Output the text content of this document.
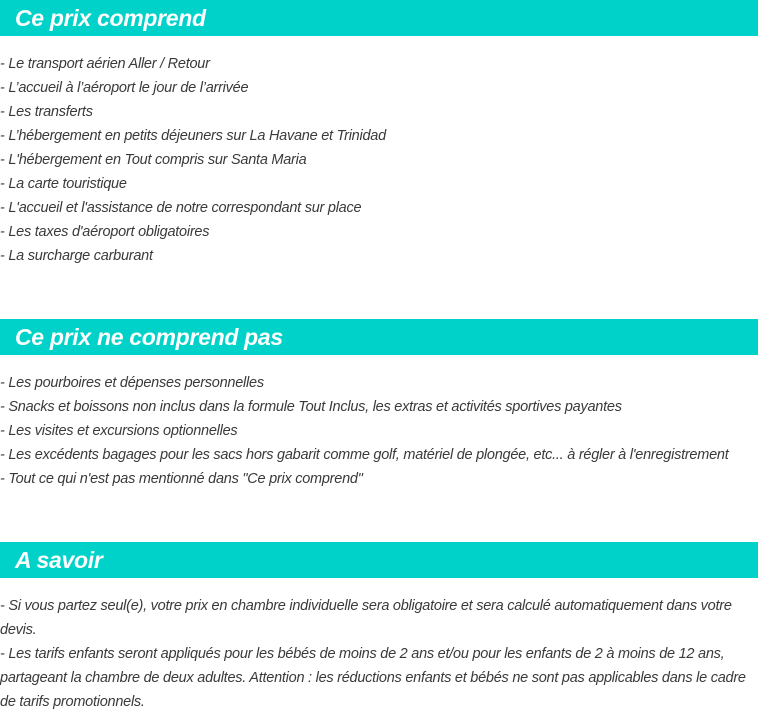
Ce prix comprend
- Le transport aérien Aller / Retour
- L’accueil à l’aéroport le jour de l’arrivée
- Les transferts
- L’hébergement en petits déjeuners sur La Havane et Trinidad
- L'hébergement en Tout compris sur Santa Maria
- La carte touristique
- L'accueil et l'assistance de notre correspondant sur place
- Les taxes d'aéroport obligatoires
- La surcharge carburant
Ce prix ne comprend pas
- Les pourboires et dépenses personnelles
- Snacks et boissons non inclus dans la formule Tout Inclus, les extras et activités sportives payantes
- Les visites et excursions optionnelles
- Les excédents bagages pour les sacs hors gabarit comme golf, matériel de plongée, etc... à régler à l'enregistrement
- Tout ce qui n'est pas mentionné dans "Ce prix comprend"
A savoir

- Si vous partez seul(e), votre prix en chambre individuelle sera obligatoire et sera calculé automatiquement dans votre devis.

- Les tarifs enfants seront appliqués pour les bébés de moins de 2 ans et/ou pour les enfants de 2 à moins de 12 ans, partageant la chambre de deux adultes. Attention : les réductions enfants et bébés ne sont pas applicables dans le cadre de tarifs promotionnels.
